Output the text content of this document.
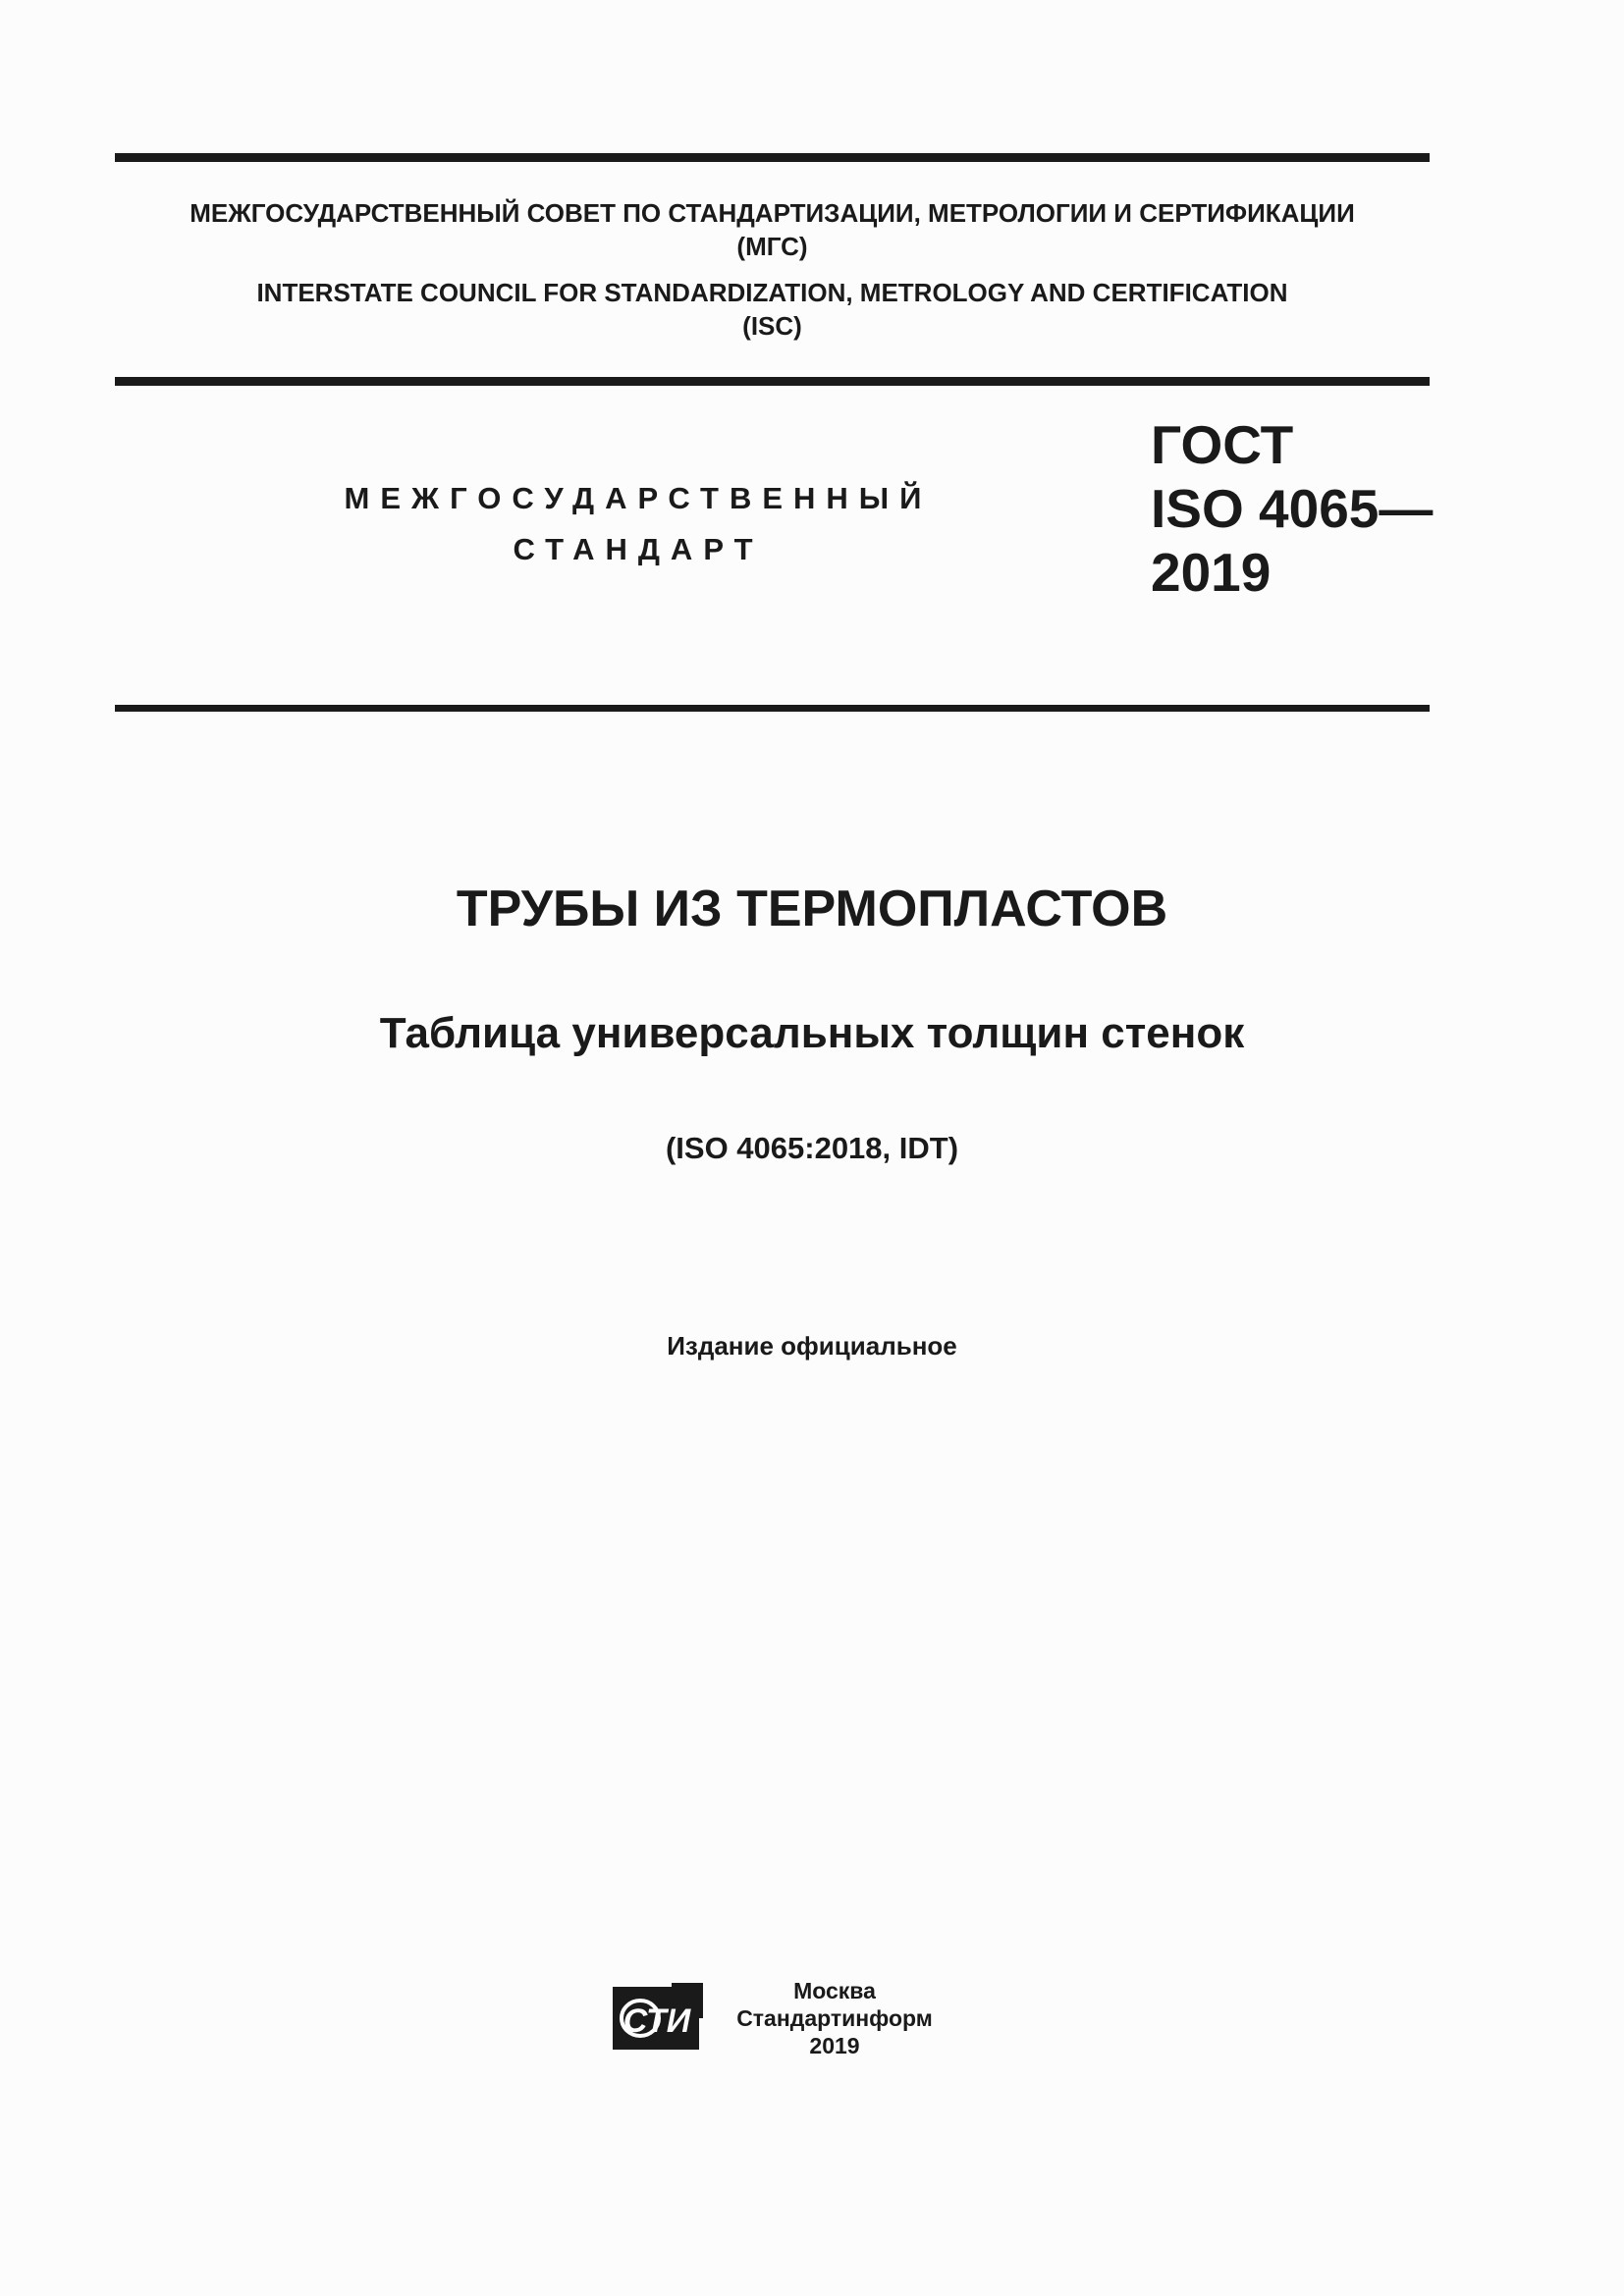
МЕЖГОСУДАРСТВЕННЫЙ СОВЕТ ПО СТАНДАРТИЗАЦИИ, МЕТРОЛОГИИ И СЕРТИФИКАЦИИ
(МГС)
INTERSTATE COUNCIL FOR STANDARDIZATION, METROLOGY AND CERTIFICATION
(ISC)
МЕЖГОСУДАРСТВЕННЫЙ
СТАНДАРТ
ГОСТ
ISO 4065—
2019
ТРУБЫ ИЗ ТЕРМОПЛАСТОВ
Таблица универсальных толщин стенок
(ISO 4065:2018, IDT)
Издание официальное
СТИ
Москва
Стандартинформ
2019
